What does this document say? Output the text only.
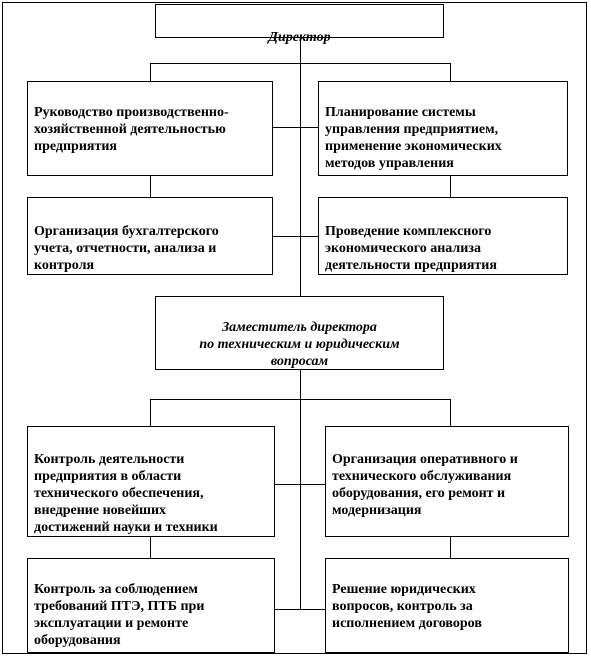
Директор

Руководство производственно-
хозяйственной деятельностью
предприятия

Планирование системы
управления предприятием,
применение экономических
методов управления

Организация бухгалтерского
учета, отчетности, анализа и
контроля

Проведение комплексного
экономического анализа
деятельности предприятия

Заместитель директора
по техническим и юридическим
вопросам

Контроль деятельности
предприятия в области
технического обеспечения,
внедрение новейших
достижений науки и техники

Организация оперативного и
технического обслуживания
оборудования, его ремонт и
модернизация

Контроль за соблюдением
требований ПТЭ, ПТБ при
эксплуатации и ремонте
оборудования

Решение юридических
вопросов, контроль за
исполнением договоров
